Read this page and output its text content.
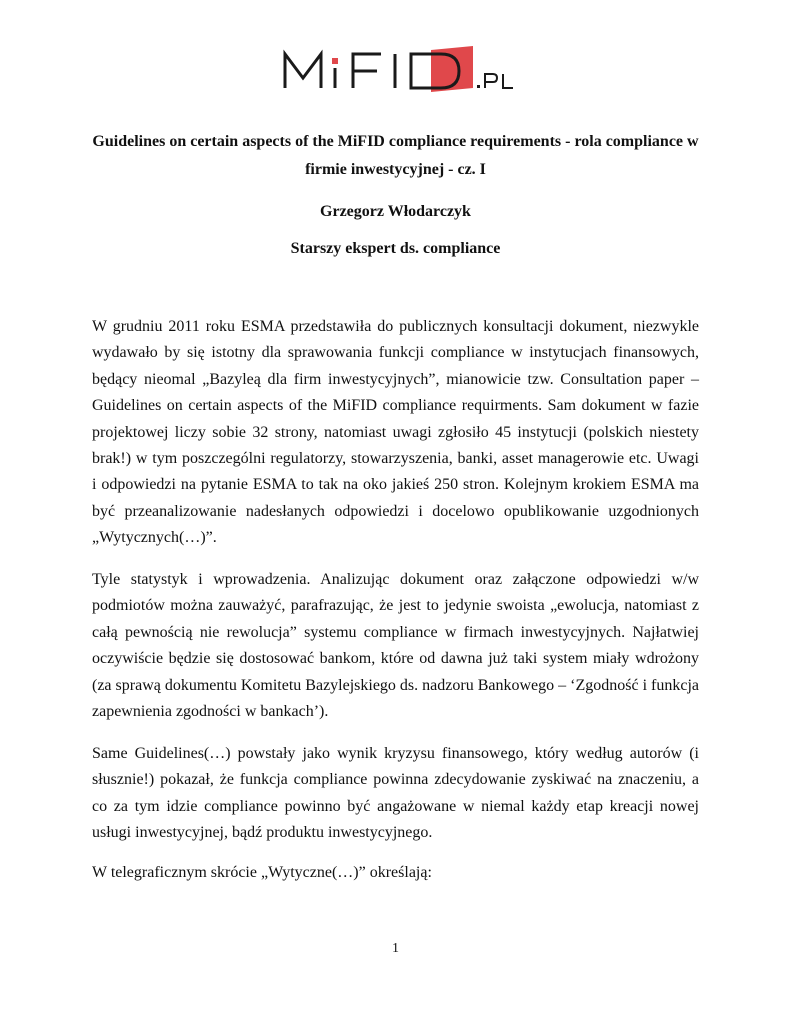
Guidelines on certain aspects of the MiFID compliance requirements - rola compliance w firmie inwestycyjnej - cz. I

Grzegorz Włodarczyk

Starszy ekspert ds. compliance

W grudniu 2011 roku ESMA przedstawiła do publicznych konsultacji dokument, niezwykle wydawało by się istotny dla sprawowania funkcji compliance w instytucjach finansowych, będący nieomal „Bazyleą dla firm inwestycyjnych”, mianowicie tzw. Consultation paper – Guidelines on certain aspects of the MiFID compliance requirments. Sam dokument w fazie projektowej liczy sobie 32 strony, natomiast uwagi zgłosiło 45 instytucji (polskich niestety brak!) w tym poszczególni regulatorzy, stowarzyszenia, banki, asset managerowie etc. Uwagi i odpowiedzi na pytanie ESMA to tak na oko jakieś 250 stron. Kolejnym krokiem ESMA ma być przeanalizowanie nadesłanych odpowiedzi i docelowo opublikowanie uzgodnionych „Wytycznych(…)”.

Tyle statystyk i wprowadzenia. Analizując dokument oraz załączone odpowiedzi w/w podmiotów można zauważyć, parafrazując, że jest to jedynie swoista „ewolucja, natomiast z całą pewnością nie rewolucja” systemu compliance w firmach inwestycyjnych. Najłatwiej oczywiście będzie się dostosować bankom, które od dawna już taki system miały wdrożony (za sprawą dokumentu Komitetu Bazylejskiego ds. nadzoru Bankowego – ‘Zgodność i funkcja zapewnienia zgodności w bankach’).

Same Guidelines(…) powstały jako wynik kryzysu finansowego, który według autorów (i słusznie!) pokazał, że funkcja compliance powinna zdecydowanie zyskiwać na znaczeniu, a co za tym idzie compliance powinno być angażowane w niemal każdy etap kreacji nowej usługi inwestycyjnej, bądź produktu inwestycyjnego.

W telegraficznym skrócie „Wytyczne(…)” określają:

1
